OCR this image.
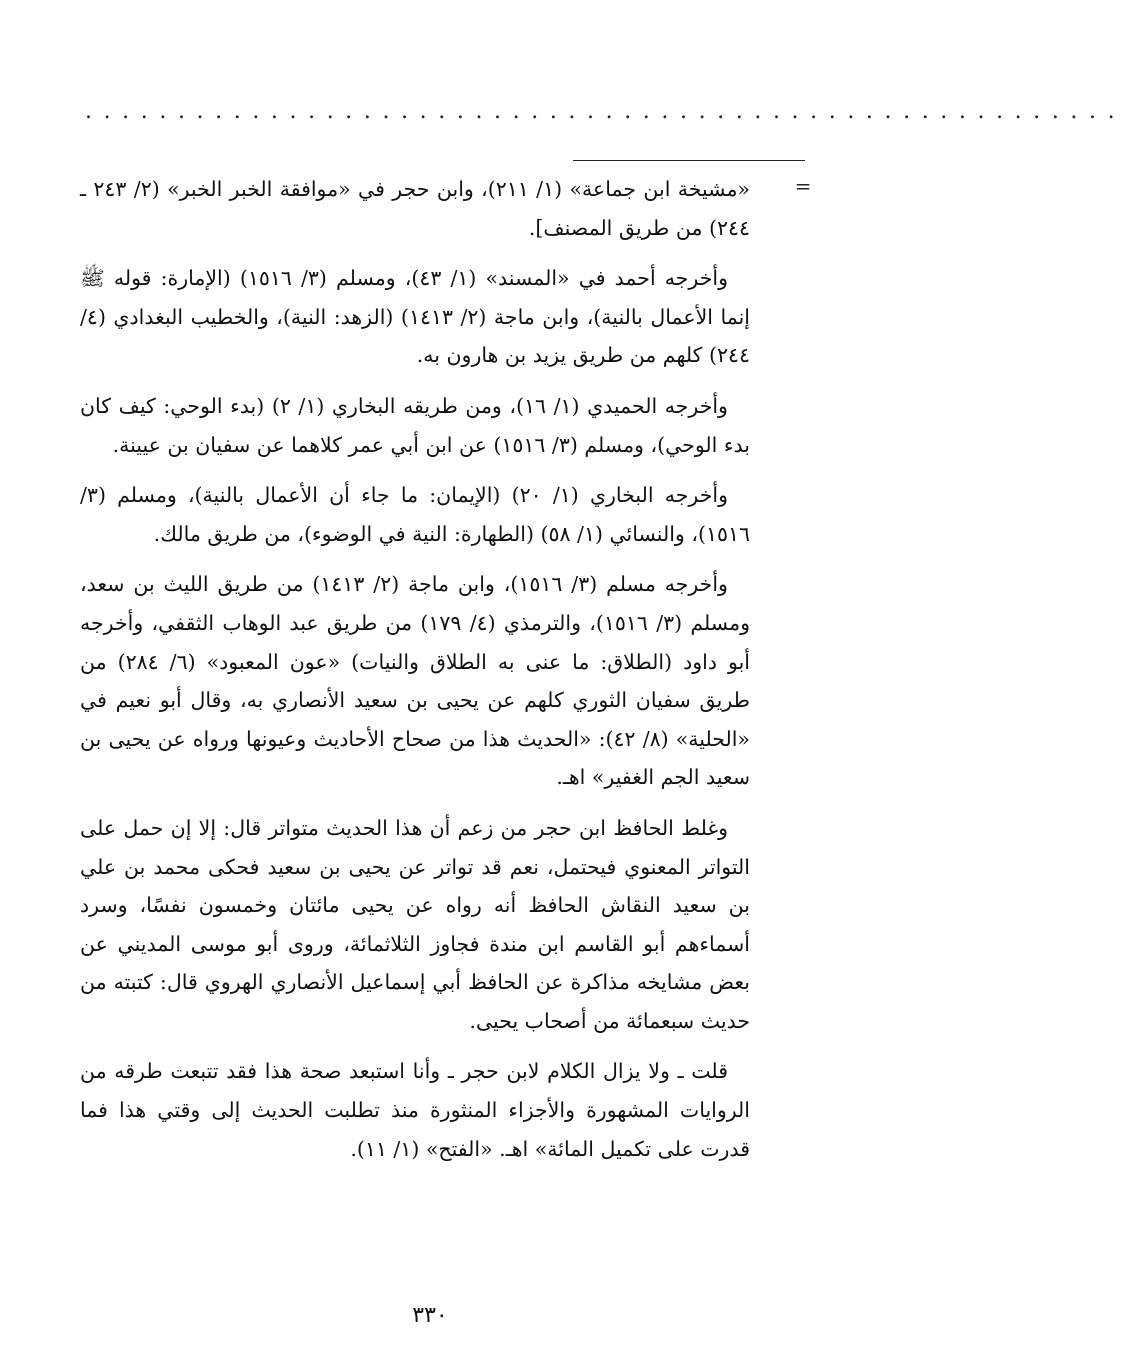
........................................................
=

«مشيخة ابن جماعة» (١/ ٢١١)، وابن حجر في «موافقة الخبر الخبر» (٢/ ٢٤٣ ـ ٢٤٤) من طريق المصنف].

وأخرجه أحمد في «المسند» (١/ ٤٣)، ومسلم (٣/ ١٥١٦) (الإمارة: قوله ﷺ إنما الأعمال بالنية)، وابن ماجة (٢/ ١٤١٣) (الزهد: النية)، والخطيب البغدادي (٤/ ٢٤٤) كلهم من طريق يزيد بن هارون به.

وأخرجه الحميدي (١/ ١٦)، ومن طريقه البخاري (١/ ٢) (بدء الوحي: كيف كان بدء الوحي)، ومسلم (٣/ ١٥١٦) عن ابن أبي عمر كلاهما عن سفيان بن عيينة.

وأخرجه البخاري (١/ ٢٠) (الإيمان: ما جاء أن الأعمال بالنية)، ومسلم (٣/ ١٥١٦)، والنسائي (١/ ٥٨) (الطهارة: النية في الوضوء)، من طريق مالك.

وأخرجه مسلم (٣/ ١٥١٦)، وابن ماجة (٢/ ١٤١٣) من طريق الليث بن سعد، ومسلم (٣/ ١٥١٦)، والترمذي (٤/ ١٧٩) من طريق عبد الوهاب الثقفي، وأخرجه أبو داود (الطلاق: ما عنى به الطلاق والنيات) «عون المعبود» (٦/ ٢٨٤) من طريق سفيان الثوري كلهم عن يحيى بن سعيد الأنصاري به، وقال أبو نعيم في «الحلية» (٨/ ٤٢): «الحديث هذا من صحاح الأحاديث وعيونها ورواه عن يحيى بن سعيد الجم الغفير» اهـ.

وغلط الحافظ ابن حجر من زعم أن هذا الحديث متواتر قال: إلا إن حمل على التواتر المعنوي فيحتمل، نعم قد تواتر عن يحيى بن سعيد فحكى محمد بن علي بن سعيد النقاش الحافظ أنه رواه عن يحيى مائتان وخمسون نفسًا، وسرد أسماءهم أبو القاسم ابن مندة فجاوز الثلاثمائة، وروى أبو موسى المديني عن بعض مشايخه مذاكرة عن الحافظ أبي إسماعيل الأنصاري الهروي قال: كتبته من حديث سبعمائة من أصحاب يحيى.

قلت ـ ولا يزال الكلام لابن حجر ـ وأنا استبعد صحة هذا فقد تتبعت طرقه من الروايات المشهورة والأجزاء المنثورة منذ تطلبت الحديث إلى وقتي هذا فما قدرت على تكميل المائة» اهـ. «الفتح» (١/ ١١).

٣٣٠
